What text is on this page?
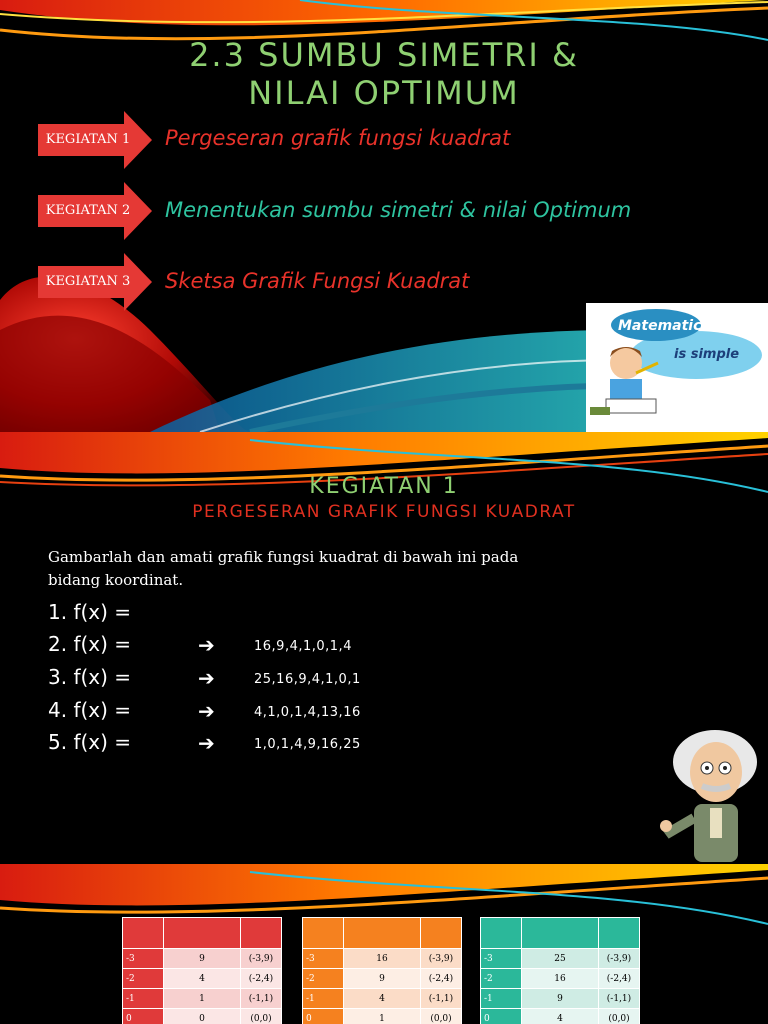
2.3 SUMBU SIMETRI &
NILAI OPTIMUM
KEGIATAN 1	Pergeseran grafik fungsi kuadrat
KEGIATAN 2	Menentukan sumbu simetri & nilai Optimum
KEGIATAN 3	Sketsa Grafik Fungsi Kuadrat
Matematic
is simple
KEGIATAN 1
PERGESERAN GRAFIK FUNGSI KUADRAT
Gambarlah dan amati grafik fungsi kuadrat di bawah ini pada bidang koordinat.
1. f(x) =
2. f(x) =	➔	16,9,4,1,0,1,4
3. f(x) =	➔	25,16,9,4,1,0,1
4. f(x) =	➔	4,1,0,1,4,13,16
5. f(x) =	➔	1,0,1,4,9,16,25

-3	9	(-3,9)
-2	4	(-2,4)
-1	1	(-1,1)
0	0	(0,0)

-3	16	(-3,9)
-2	9	(-2,4)
-1	4	(-1,1)
0	1	(0,0)

-3	25	(-3,9)
-2	16	(-2,4)
-1	9	(-1,1)
0	4	(0,0)
